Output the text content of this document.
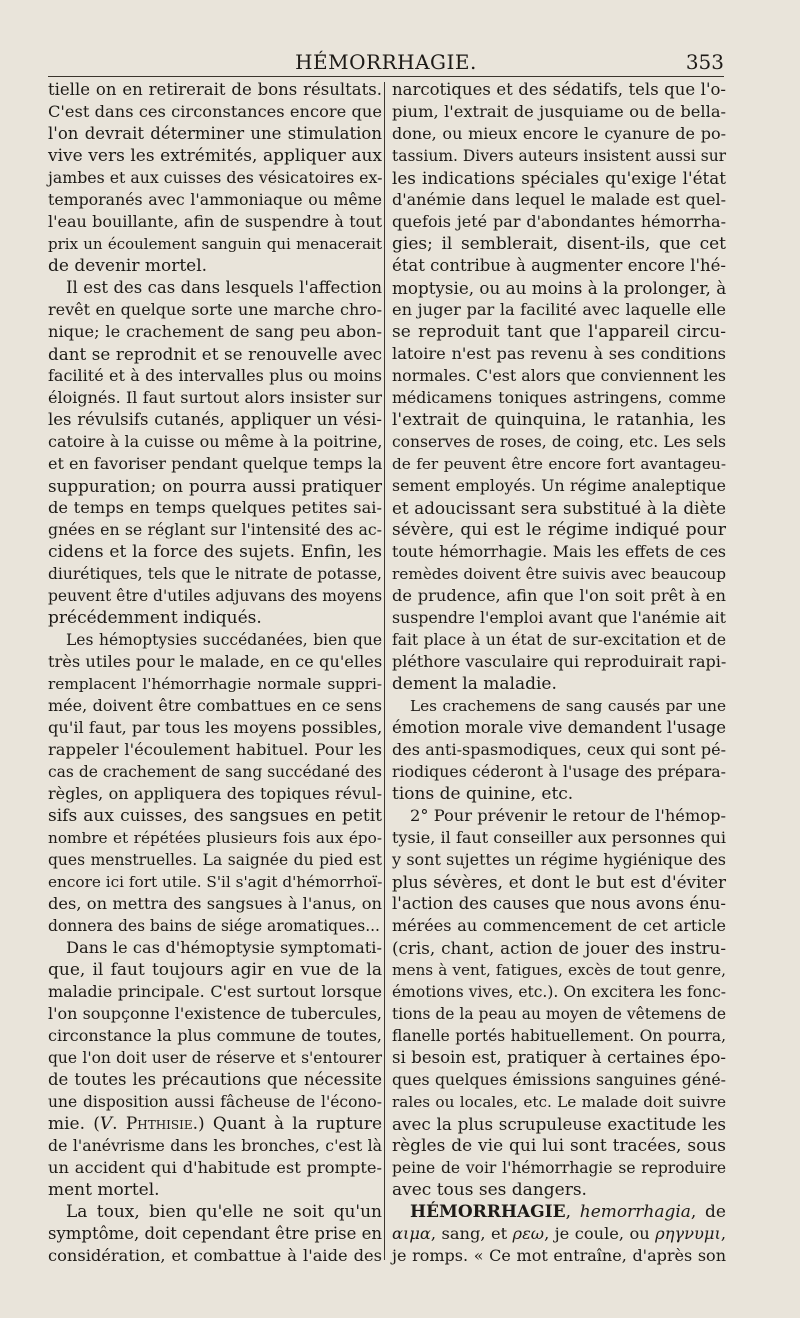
HÉMORRHAGIE.	353

tielle on en retirerait de bons résultats.

C'est dans ces circonstances encore que

l'on devrait déterminer une stimulation

vive vers les extrémités, appliquer aux

jambes et aux cuisses des vésicatoires ex-

temporanés avec l'ammoniaque ou même

l'eau bouillante, afin de suspendre à tout

prix un écoulement sanguin qui menacerait

de devenir mortel.

Il est des cas dans lesquels l'affection

revêt en quelque sorte une marche chro-

nique; le crachement de sang peu abon-

dant se reprodnit et se renouvelle avec

facilité et à des intervalles plus ou moins

éloignés. Il faut surtout alors insister sur

les révulsifs cutanés, appliquer un vési-

catoire à la cuisse ou même à la poitrine,

et en favoriser pendant quelque temps la

suppuration; on pourra aussi pratiquer

de temps en temps quelques petites sai-

gnées en se réglant sur l'intensité des ac-

cidens et la force des sujets. Enfin, les

diurétiques, tels que le nitrate de potasse,

peuvent être d'utiles adjuvans des moyens

précédemment indiqués.

Les hémoptysies succédanées, bien que

très utiles pour le malade, en ce qu'elles

remplacent l'hémorrhagie normale suppri-

mée, doivent être combattues en ce sens

qu'il faut, par tous les moyens possibles,

rappeler l'écoulement habituel. Pour les

cas de crachement de sang succédané des

règles, on appliquera des topiques révul-

sifs aux cuisses, des sangsues en petit

nombre et répétées plusieurs fois aux épo-

ques menstruelles. La saignée du pied est

encore ici fort utile. S'il s'agit d'hémorrhoï-

des, on mettra des sangsues à l'anus, on

donnera des bains de siége aromatiques...

Dans le cas d'hémoptysie symptomati-

que, il faut toujours agir en vue de la

maladie principale. C'est surtout lorsque

l'on soupçonne l'existence de tubercules,

circonstance la plus commune de toutes,

que l'on doit user de réserve et s'entourer

de toutes les précautions que nécessite

une disposition aussi fâcheuse de l'écono-

mie. (V. Phthisie.) Quant à la rupture

de l'anévrisme dans les bronches, c'est là

un accident qui d'habitude est prompte-

ment mortel.

La toux, bien qu'elle ne soit qu'un

symptôme, doit cependant être prise en

considération, et combattue à l'aide des

narcotiques et des sédatifs, tels que l'o-

pium, l'extrait de jusquiame ou de bella-

done, ou mieux encore le cyanure de po-

tassium. Divers auteurs insistent aussi sur

les indications spéciales qu'exige l'état

d'anémie dans lequel le malade est quel-

quefois jeté par d'abondantes hémorrha-

gies; il semblerait, disent-ils, que cet

état contribue à augmenter encore l'hé-

moptysie, ou au moins à la prolonger, à

en juger par la facilité avec laquelle elle

se reproduit tant que l'appareil circu-

latoire n'est pas revenu à ses conditions

normales. C'est alors que conviennent les

médicamens toniques astringens, comme

l'extrait de quinquina, le ratanhia, les

conserves de roses, de coing, etc. Les sels

de fer peuvent être encore fort avantageu-

sement employés. Un régime analeptique

et adoucissant sera substitué à la diète

sévère, qui est le régime indiqué pour

toute hémorrhagie. Mais les effets de ces

remèdes doivent être suivis avec beaucoup

de prudence, afin que l'on soit prêt à en

suspendre l'emploi avant que l'anémie ait

fait place à un état de sur-excitation et de

pléthore vasculaire qui reproduirait rapi-

dement la maladie.

Les crachemens de sang causés par une

émotion morale vive demandent l'usage

des anti-spasmodiques, ceux qui sont pé-

riodiques céderont à l'usage des prépara-

tions de quinine, etc.

2° Pour prévenir le retour de l'hémop-

tysie, il faut conseiller aux personnes qui

y sont sujettes un régime hygiénique des

plus sévères, et dont le but est d'éviter

l'action des causes que nous avons énu-

mérées au commencement de cet article

(cris, chant, action de jouer des instru-

mens à vent, fatigues, excès de tout genre,

émotions vives, etc.). On excitera les fonc-

tions de la peau au moyen de vêtemens de

flanelle portés habituellement. On pourra,

si besoin est, pratiquer à certaines épo-

ques quelques émissions sanguines géné-

rales ou locales, etc. Le malade doit suivre

avec la plus scrupuleuse exactitude les

règles de vie qui lui sont tracées, sous

peine de voir l'hémorrhagie se reproduire

avec tous ses dangers.

HÉMORRHAGIE, hemorrhagia, de

αιμα, sang, et ρεω, je coule, ou ρηγνυμι,

je romps. « Ce mot entraîne, d'après son
